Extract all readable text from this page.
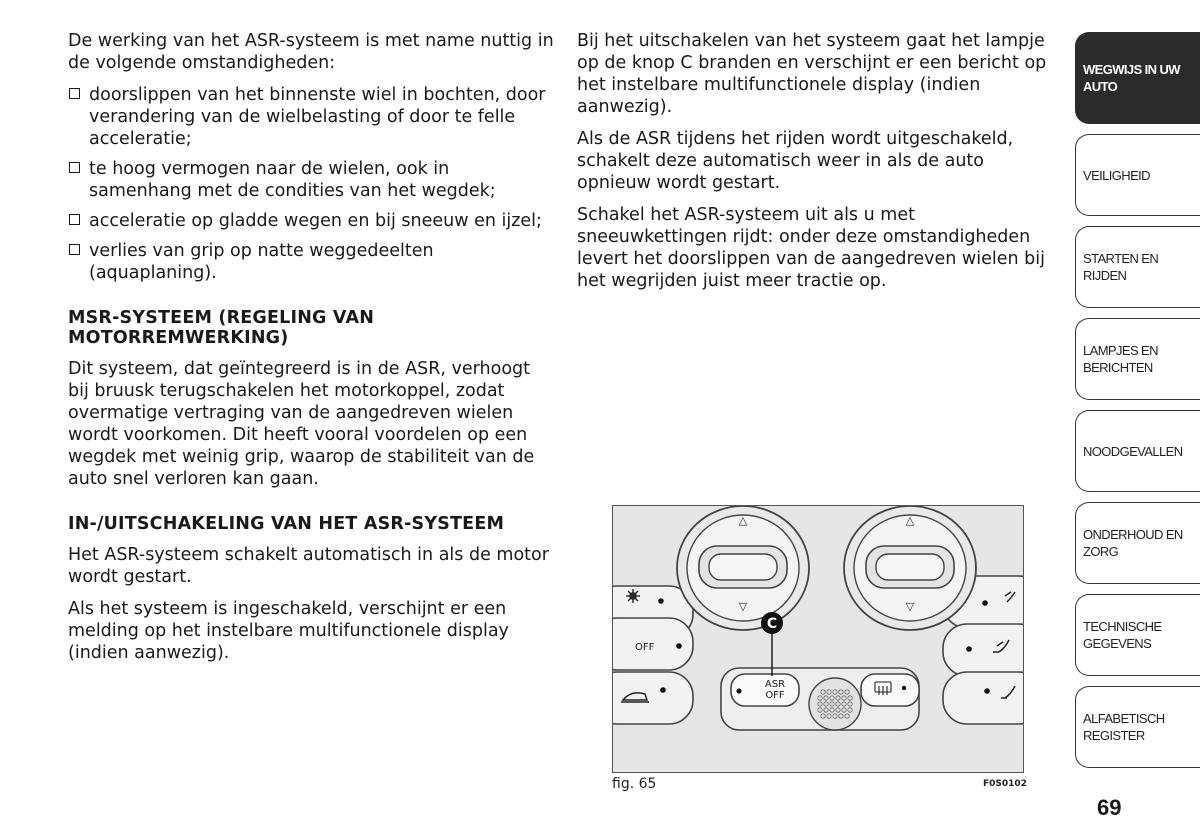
De werking van het ASR-systeem is met name nuttig in de volgende omstandigheden:

doorslippen van het binnenste wiel in bochten, door verandering van de wielbelasting of door te felle acceleratie;
te hoog vermogen naar de wielen, ook in samenhang met de condities van het wegdek;
acceleratie op gladde wegen en bij sneeuw en ijzel;
verlies van grip op natte weggedeelten (aquaplaning).
MSR-SYSTEEM (REGELING VAN MOTORREMWERKING)

Dit systeem, dat geïntegreerd is in de ASR, verhoogt bij bruusk terugschakelen het motorkoppel, zodat overmatige vertraging van de aangedreven wielen wordt voorkomen. Dit heeft vooral voordelen op een wegdek met weinig grip, waarop de stabiliteit van de auto snel verloren kan gaan.

IN-/UITSCHAKELING VAN HET ASR-SYSTEEM

Het ASR-systeem schakelt automatisch in als de motor wordt gestart.

Als het systeem is ingeschakeld, verschijnt er een melding op het instelbare multifunctionele display (indien aanwezig).

Bij het uitschakelen van het systeem gaat het lampje op de knop C branden en verschijnt er een bericht op het instelbare multifunctionele display (indien aanwezig).

Als de ASR tijdens het rijden wordt uitgeschakeld, schakelt deze automatisch weer in als de auto opnieuw wordt gestart.

Schakel het ASR-systeem uit als u met sneeuwkettingen rijdt: onder deze omstandigheden levert het doorslippen van de aangedreven wielen bij het wegrijden juist meer tractie op.

△
▽
△
▽
OFF
ASR
OFF
C
fig. 65	F0S0102
WEGWIJS IN UW AUTO
VEILIGHEID
STARTEN EN RIJDEN
LAMPJES EN BERICHTEN
NOODGEVALLEN
ONDERHOUD EN ZORG
TECHNISCHE GEGEVENS
ALFABETISCH REGISTER
69
